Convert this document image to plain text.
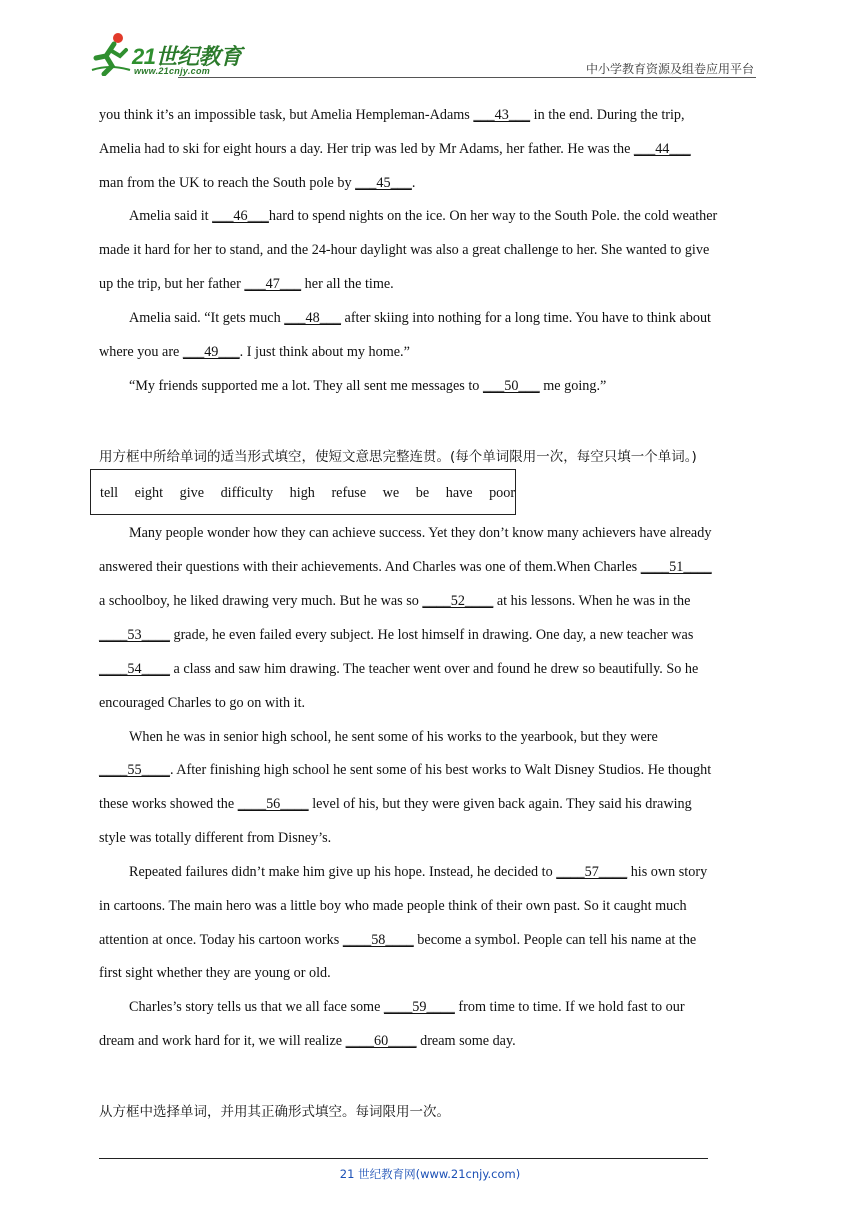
21世纪教育
www.21cnjy.com	中小学教育资源及组卷应用平台
you think it’s an impossible task, but Amelia Hempleman-Adams ___43___ in the end. During the trip,
Amelia had to ski for eight hours a day. Her trip was led by Mr Adams, her father. He was the ___44___
man from the UK to reach the South pole by ___45___.
Amelia said it ___46___hard to spend nights on the ice. On her way to the South Pole. the cold weather
made it hard for her to stand, and the 24-hour daylight was also a great challenge to her. She wanted to give
up the trip, but her father ___47___ her all the time.
Amelia said. “It gets much ___48___ after skiing into nothing for a long time. You have to think about
where you are ___49___. I just think about my home.”
“My friends supported me a lot. They all sent me messages to ___50___ me going.”
用方框中所给单词的适当形式填空，使短文意思完整连贯。(每个单词限用一次，每空只填一个单词。)
Many people wonder how they can achieve success. Yet they don’t know many achievers have already
answered their questions with their achievements. And Charles was one of them.When Charles ____51____
a schoolboy, he liked drawing very much. But he was so ____52____ at his lessons. When he was in the
____53____ grade, he even failed every subject. He lost himself in drawing. One day, a new teacher was
____54____ a class and saw him drawing. The teacher went over and found he drew so beautifully. So he
encouraged Charles to go on with it.
When he was in senior high school, he sent some of his works to the yearbook, but they were
____55____. After finishing high school he sent some of his best works to Walt Disney Studios. He thought
these works showed the ____56____ level of his, but they were given back again. They said his drawing
style was totally different from Disney’s.
Repeated failures didn’t make him give up his hope. Instead, he decided to ____57____ his own story
in cartoons. The main hero was a little boy who made people think of their own past. So it caught much
attention at once. Today his cartoon works ____58____ become a symbol. People can tell his name at the
first sight whether they are young or old.
Charles’s story tells us that we all face some ____59____ from time to time. If we hold fast to our
dream and work hard for it, we will realize ____60____ dream some day.
从方框中选择单词，并用其正确形式填空。每词限用一次。
tell eight give difficulty high refuse we be have poor
21 世纪教育网(www.21cnjy.com)
